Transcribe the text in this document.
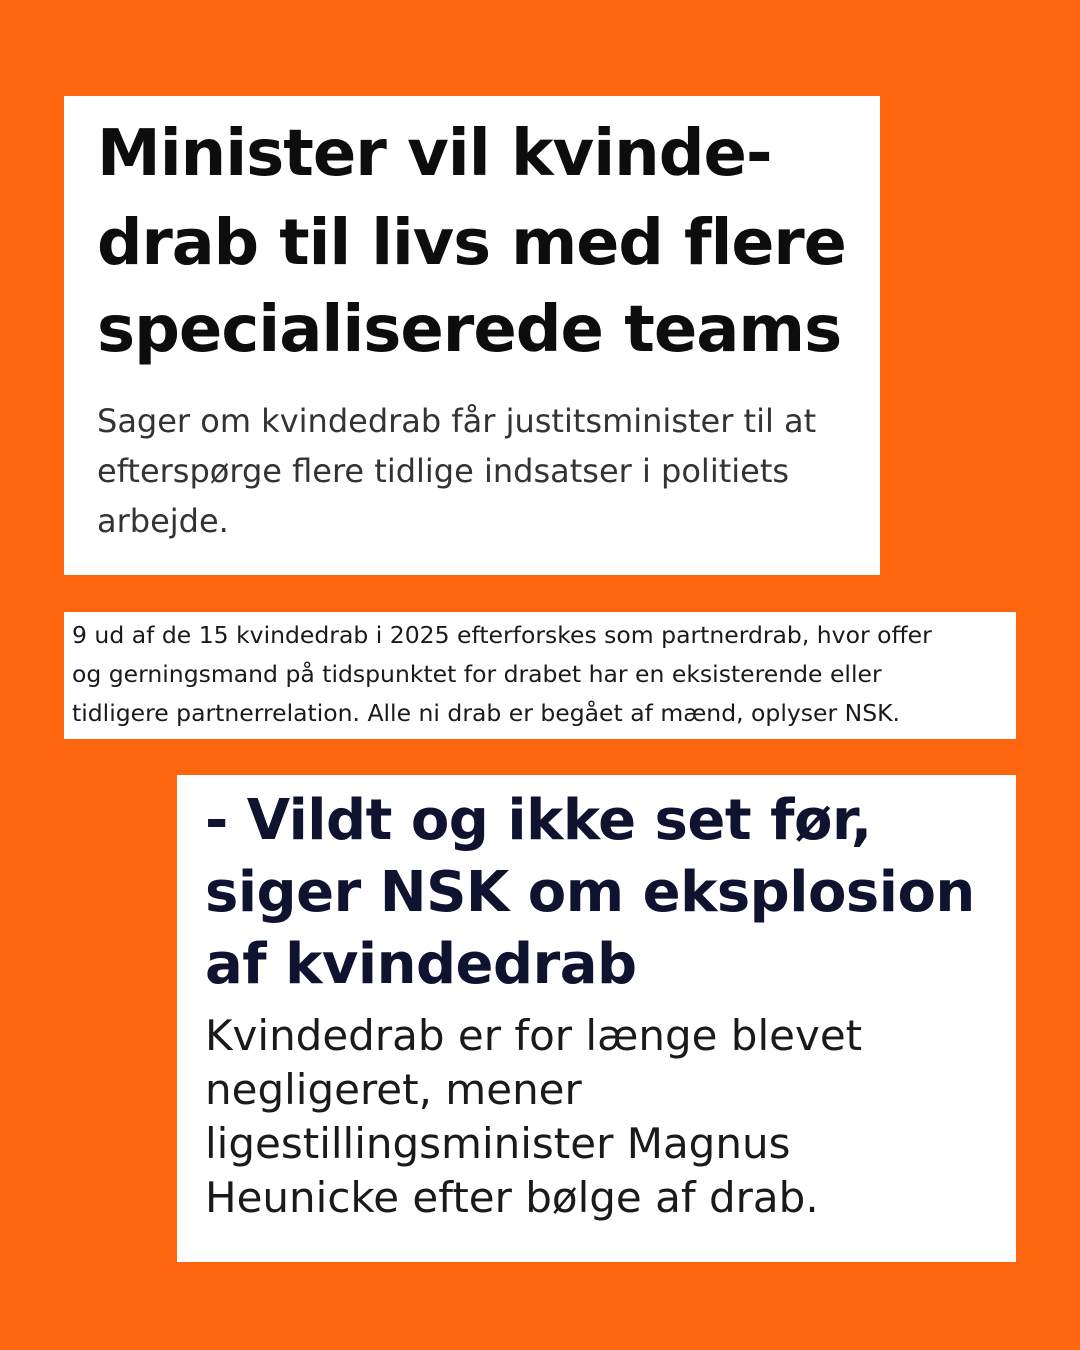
Minister vil kvinde-
drab til livs med flere
specialiserede teams

Sager om kvindedrab får justitsminister til at
efterspørge flere tidlige indsatser i politiets
arbejde.

9 ud af de 15 kvindedrab i 2025 efterforskes som partnerdrab, hvor offer
og gerningsmand på tidspunktet for drabet har en eksisterende eller
tidligere partnerrelation. Alle ni drab er begået af mænd, oplyser NSK.

- Vildt og ikke set før,
siger NSK om eksplosion
af kvindedrab

Kvindedrab er for længe blevet
negligeret, mener
ligestillingsminister Magnus
Heunicke efter bølge af drab.
